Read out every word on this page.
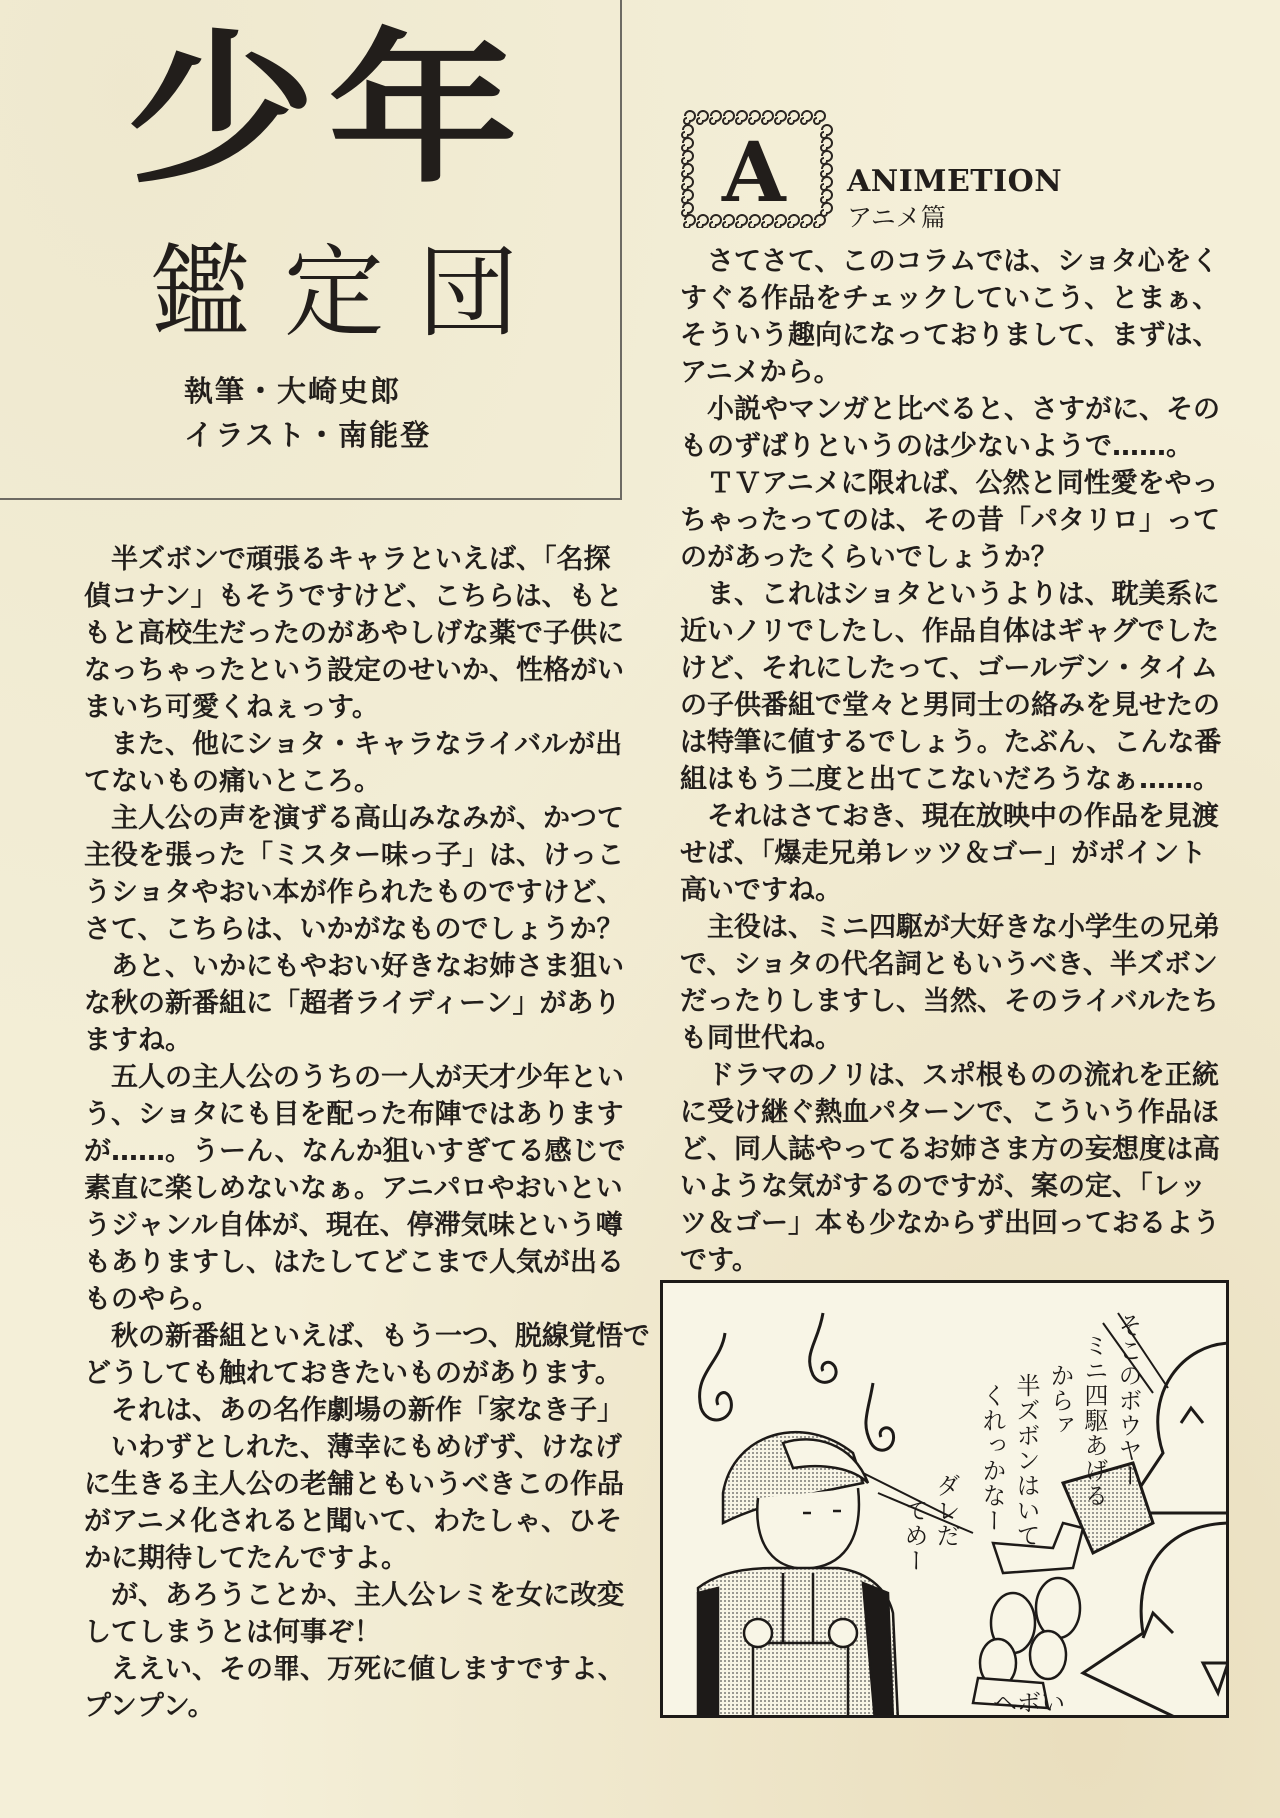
少年
鑑定団
執筆・大崎史郎
イラスト・南能登
A ANIMETION
アニメ篇
　半ズボンで頑張るキャラといえば、「名探
偵コナン」もそうですけど、こちらは、もと
もと高校生だったのがあやしげな薬で子供に
なっちゃったという設定のせいか、性格がい
まいち可愛くねぇっす。
　また、他にショタ・キャラなライバルが出
てないもの痛いところ。
　主人公の声を演ずる高山みなみが、かつて
主役を張った「ミスター味っ子」は、けっこ
うショタやおい本が作られたものですけど、
さて、こちらは、いかがなものでしょうか？
　あと、いかにもやおい好きなお姉さま狙い
な秋の新番組に「超者ライディーン」があり
ますね。
　五人の主人公のうちの一人が天才少年とい
う、ショタにも目を配った布陣ではあります
が……。うーん、なんか狙いすぎてる感じで
素直に楽しめないなぁ。アニパロやおいとい
うジャンル自体が、現在、停滞気味という噂
もありますし、はたしてどこまで人気が出る
ものやら。
　秋の新番組といえば、もう一つ、脱線覚悟で
どうしても触れておきたいものがあります。
　それは、あの名作劇場の新作「家なき子」
　いわずとしれた、薄幸にもめげず、けなげ
に生きる主人公の老舗ともいうべきこの作品
がアニメ化されると聞いて、わたしゃ、ひそ
かに期待してたんですよ。
　が、あろうことか、主人公レミを女に改変
してしまうとは何事ぞ！
　ええい、その罪、万死に値しますですよ、
プンプン。
　さてさて、このコラムでは、ショタ心をく
すぐる作品をチェックしていこう、とまぁ、
そういう趣向になっておりまして、まずは、
アニメから。
　小説やマンガと比べると、さすがに、その
ものずばりというのは少ないようで……。
　ＴＶアニメに限れば、公然と同性愛をやっ
ちゃったってのは、その昔「パタリロ」って
のがあったくらいでしょうか？
　ま、これはショタというよりは、耽美系に
近いノリでしたし、作品自体はギャグでした
けど、それにしたって、ゴールデン・タイム
の子供番組で堂々と男同士の絡みを見せたの
は特筆に値するでしょう。たぶん、こんな番
組はもう二度と出てこないだろうなぁ……。
　それはさておき、現在放映中の作品を見渡
せば、「爆走兄弟レッツ＆ゴー」がポイント
高いですね。
　主役は、ミニ四駆が大好きな小学生の兄弟
で、ショタの代名詞ともいうべき、半ズボン
だったりしますし、当然、そのライバルたち
も同世代ね。
　ドラマのノリは、スポ根ものの流れを正統
に受け継ぐ熱血パターンで、こういう作品ほ
ど、同人誌やってるお姉さま方の妄想度は高
いような気がするのですが、案の定、「レッ
ツ＆ゴー」本も少なからず出回っておるよう
です。
そこのボウヤー
ミニ四駆あげる
からァ
半ズボンはいて
くれっかなー
ダレだ
てめー
ヘボい
